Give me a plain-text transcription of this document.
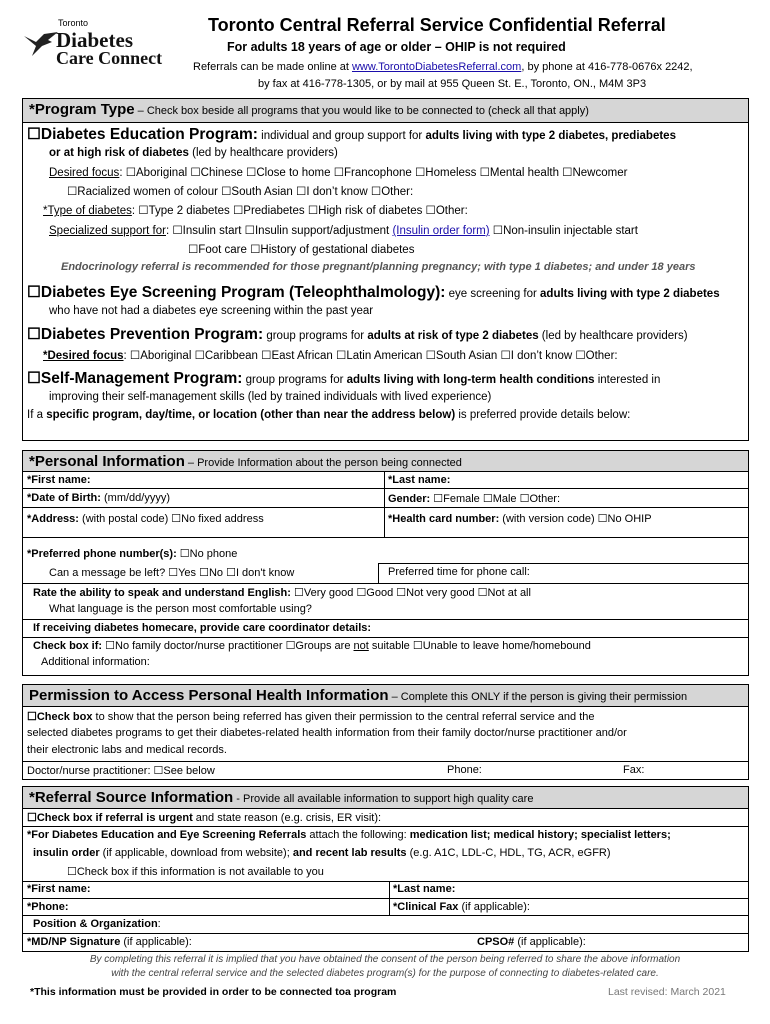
Toronto
Diabetes
Care Connect
Toronto Central Referral Service Confidential Referral
For adults 18 years of age or older – OHIP is not required
Referrals can be made online at www.TorontoDiabetesReferral.com, by phone at 416-778-0676x 2242,
by fax at 416-778-1305, or by mail at 955 Queen St. E., Toronto, ON., M4M 3P3
*Program Type – Check box beside all programs that you would like to be connected to (check all that apply)
☐Diabetes Education Program: individual and group support for adults living with type 2 diabetes, prediabetes
or at high risk of diabetes (led by healthcare providers)
Desired focus: ☐Aboriginal ☐Chinese ☐Close to home ☐Francophone ☐Homeless ☐Mental health ☐Newcomer
☐Racialized women of colour ☐South Asian ☐I don’t know ☐Other:
*Type of diabetes: ☐Type 2 diabetes ☐Prediabetes ☐High risk of diabetes ☐Other:
Specialized support for: ☐Insulin start ☐Insulin support/adjustment (Insulin order form) ☐Non-insulin injectable start
☐Foot care ☐History of gestational diabetes
Endocrinology referral is recommended for those pregnant/planning pregnancy; with type 1 diabetes; and under 18 years
☐Diabetes Eye Screening Program (Teleophthalmology): eye screening for adults living with type 2 diabetes
who have not had a diabetes eye screening within the past year
☐Diabetes Prevention Program: group programs for adults at risk of type 2 diabetes (led by healthcare providers)
*Desired focus: ☐Aboriginal ☐Caribbean ☐East African ☐Latin American ☐South Asian ☐I don’t know ☐Other:
☐Self-Management Program: group programs for adults living with long-term health conditions interested in
improving their self-management skills (led by trained individuals with lived experience)
If a specific program, day/time, or location (other than near the address below) is preferred provide details below:
*Personal Information – Provide Information about the person being connected
*First name:	*Last name:
*Date of Birth: (mm/dd/yyyy)	Gender: ☐Female ☐Male ☐Other:
*Address: (with postal code) ☐No fixed address	*Health card number: (with version code) ☐No OHIP
*Preferred phone number(s): ☐No phone
Can a message be left? ☐Yes ☐No ☐I don't know	Preferred time for phone call:
Rate the ability to speak and understand English: ☐Very good ☐Good ☐Not very good ☐Not at all
What language is the person most comfortable using?
If receiving diabetes homecare, provide care coordinator details:
Check box if: ☐No family doctor/nurse practitioner ☐Groups are not suitable ☐Unable to leave home/homebound
Additional information:
Permission to Access Personal Health Information – Complete this ONLY if the person is giving their permission
☐Check box to show that the person being referred has given their permission to the central referral service and the
selected diabetes programs to get their diabetes-related health information from their family doctor/nurse practitioner and/or
their electronic labs and medical records.
Doctor/nurse practitioner: ☐See below	Phone:	Fax:
*Referral Source Information - Provide all available information to support high quality care
☐Check box if referral is urgent and state reason (e.g. crisis, ER visit):
*For Diabetes Education and Eye Screening Referrals attach the following: medication list; medical history; specialist letters;
insulin order (if applicable, download from website); and recent lab results (e.g. A1C, LDL-C, HDL, TG, ACR, eGFR)
☐Check box if this information is not available to you
*First name:	*Last name:
*Phone:	*Clinical Fax (if applicable):
Position & Organization:
*MD/NP Signature (if applicable):	CPSO# (if applicable):
By completing this referral it is implied that you have obtained the consent of the person being referred to share the above information
with the central referral service and the selected diabetes program(s) for the purpose of connecting to diabetes-related care.
*This information must be provided in order to be connected toa program	Last revised: March 2021
